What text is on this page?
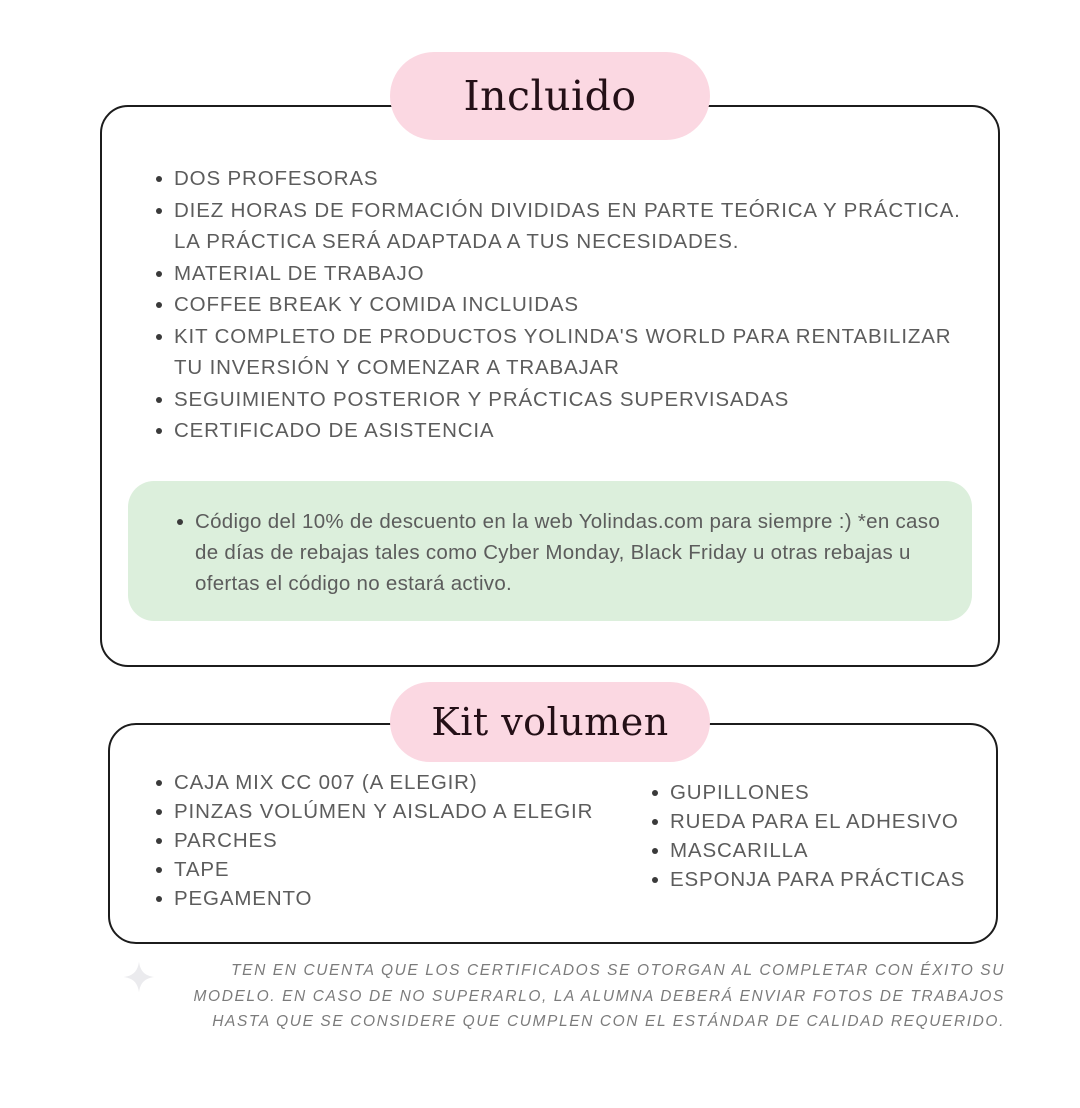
Incluido
DOS PROFESORAS
DIEZ HORAS DE FORMACIÓN DIVIDIDAS EN PARTE TEÓRICA Y PRÁCTICA. LA PRÁCTICA SERÁ ADAPTADA A TUS NECESIDADES.
MATERIAL DE TRABAJO
COFFEE BREAK Y COMIDA INCLUIDAS
KIT COMPLETO DE PRODUCTOS YOLINDA'S WORLD PARA RENTABILIZAR TU INVERSIÓN Y COMENZAR A TRABAJAR
SEGUIMIENTO POSTERIOR Y PRÁCTICAS SUPERVISADAS
CERTIFICADO DE ASISTENCIA
Código del 10% de descuento en la web Yolindas.com para siempre :) *en caso de días de rebajas tales como Cyber Monday, Black Friday u otras rebajas u ofertas el código no estará activo.
Kit volumen
CAJA MIX CC 007 (A ELEGIR)
PINZAS VOLÚMEN Y AISLADO A ELEGIR
PARCHES
TAPE
PEGAMENTO
GUPILLONES
RUEDA PARA EL ADHESIVO
MASCARILLA
ESPONJA PARA PRÁCTICAS
TEN EN CUENTA QUE LOS CERTIFICADOS SE OTORGAN AL COMPLETAR CON ÉXITO SU MODELO. EN CASO DE NO SUPERARLO, LA ALUMNA DEBERÁ ENVIAR FOTOS DE TRABAJOS HASTA QUE SE CONSIDERE QUE CUMPLEN CON EL ESTÁNDAR DE CALIDAD REQUERIDO.
